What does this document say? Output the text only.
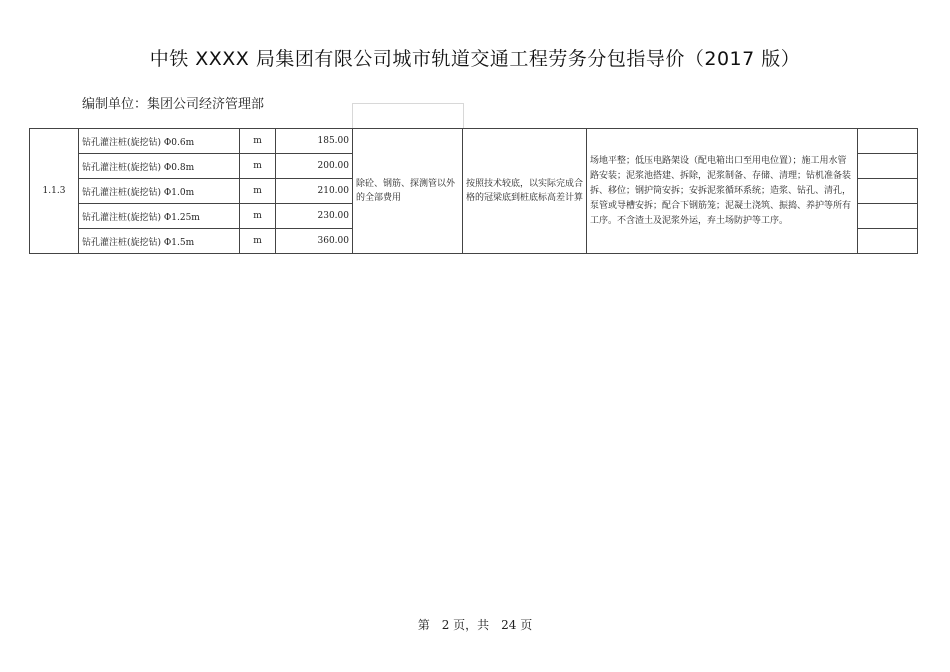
中铁 XXXX 局集团有限公司城市轨道交通工程劳务分包指导价（2017 版）
编制单位：集团公司经济管理部
1.1.3	钻孔灌注桩(旋挖钻) Φ0.6m	m	185.00	除砼、钢筋、探测管以外的全部费用	按照技术较底，以实际完成合格的冠梁底到桩底标高差计算	场地平整；低压电路架设（配电箱出口至用电位置）；施工用水管路安装；泥浆池搭建、拆除，泥浆制备、存储、清理；钻机准备装拆、移位；钢护筒安拆；安拆泥浆循环系统；造浆、钻孔、清孔，泵管或导槽安拆；配合下钢筋笼；泥凝土浇筑、振捣、养护等所有工序。不含渣土及泥浆外运，弃土场防护等工序。	
	钻孔灌注桩(旋挖钻) Φ0.8m	m	200.00				
	钻孔灌注桩(旋挖钻) Φ1.0m	m	210.00				
	钻孔灌注桩(旋挖钻) Φ1.25m	m	230.00				
	钻孔灌注桩(旋挖钻) Φ1.5m	m	360.00				
第　2 页，共　24 页
